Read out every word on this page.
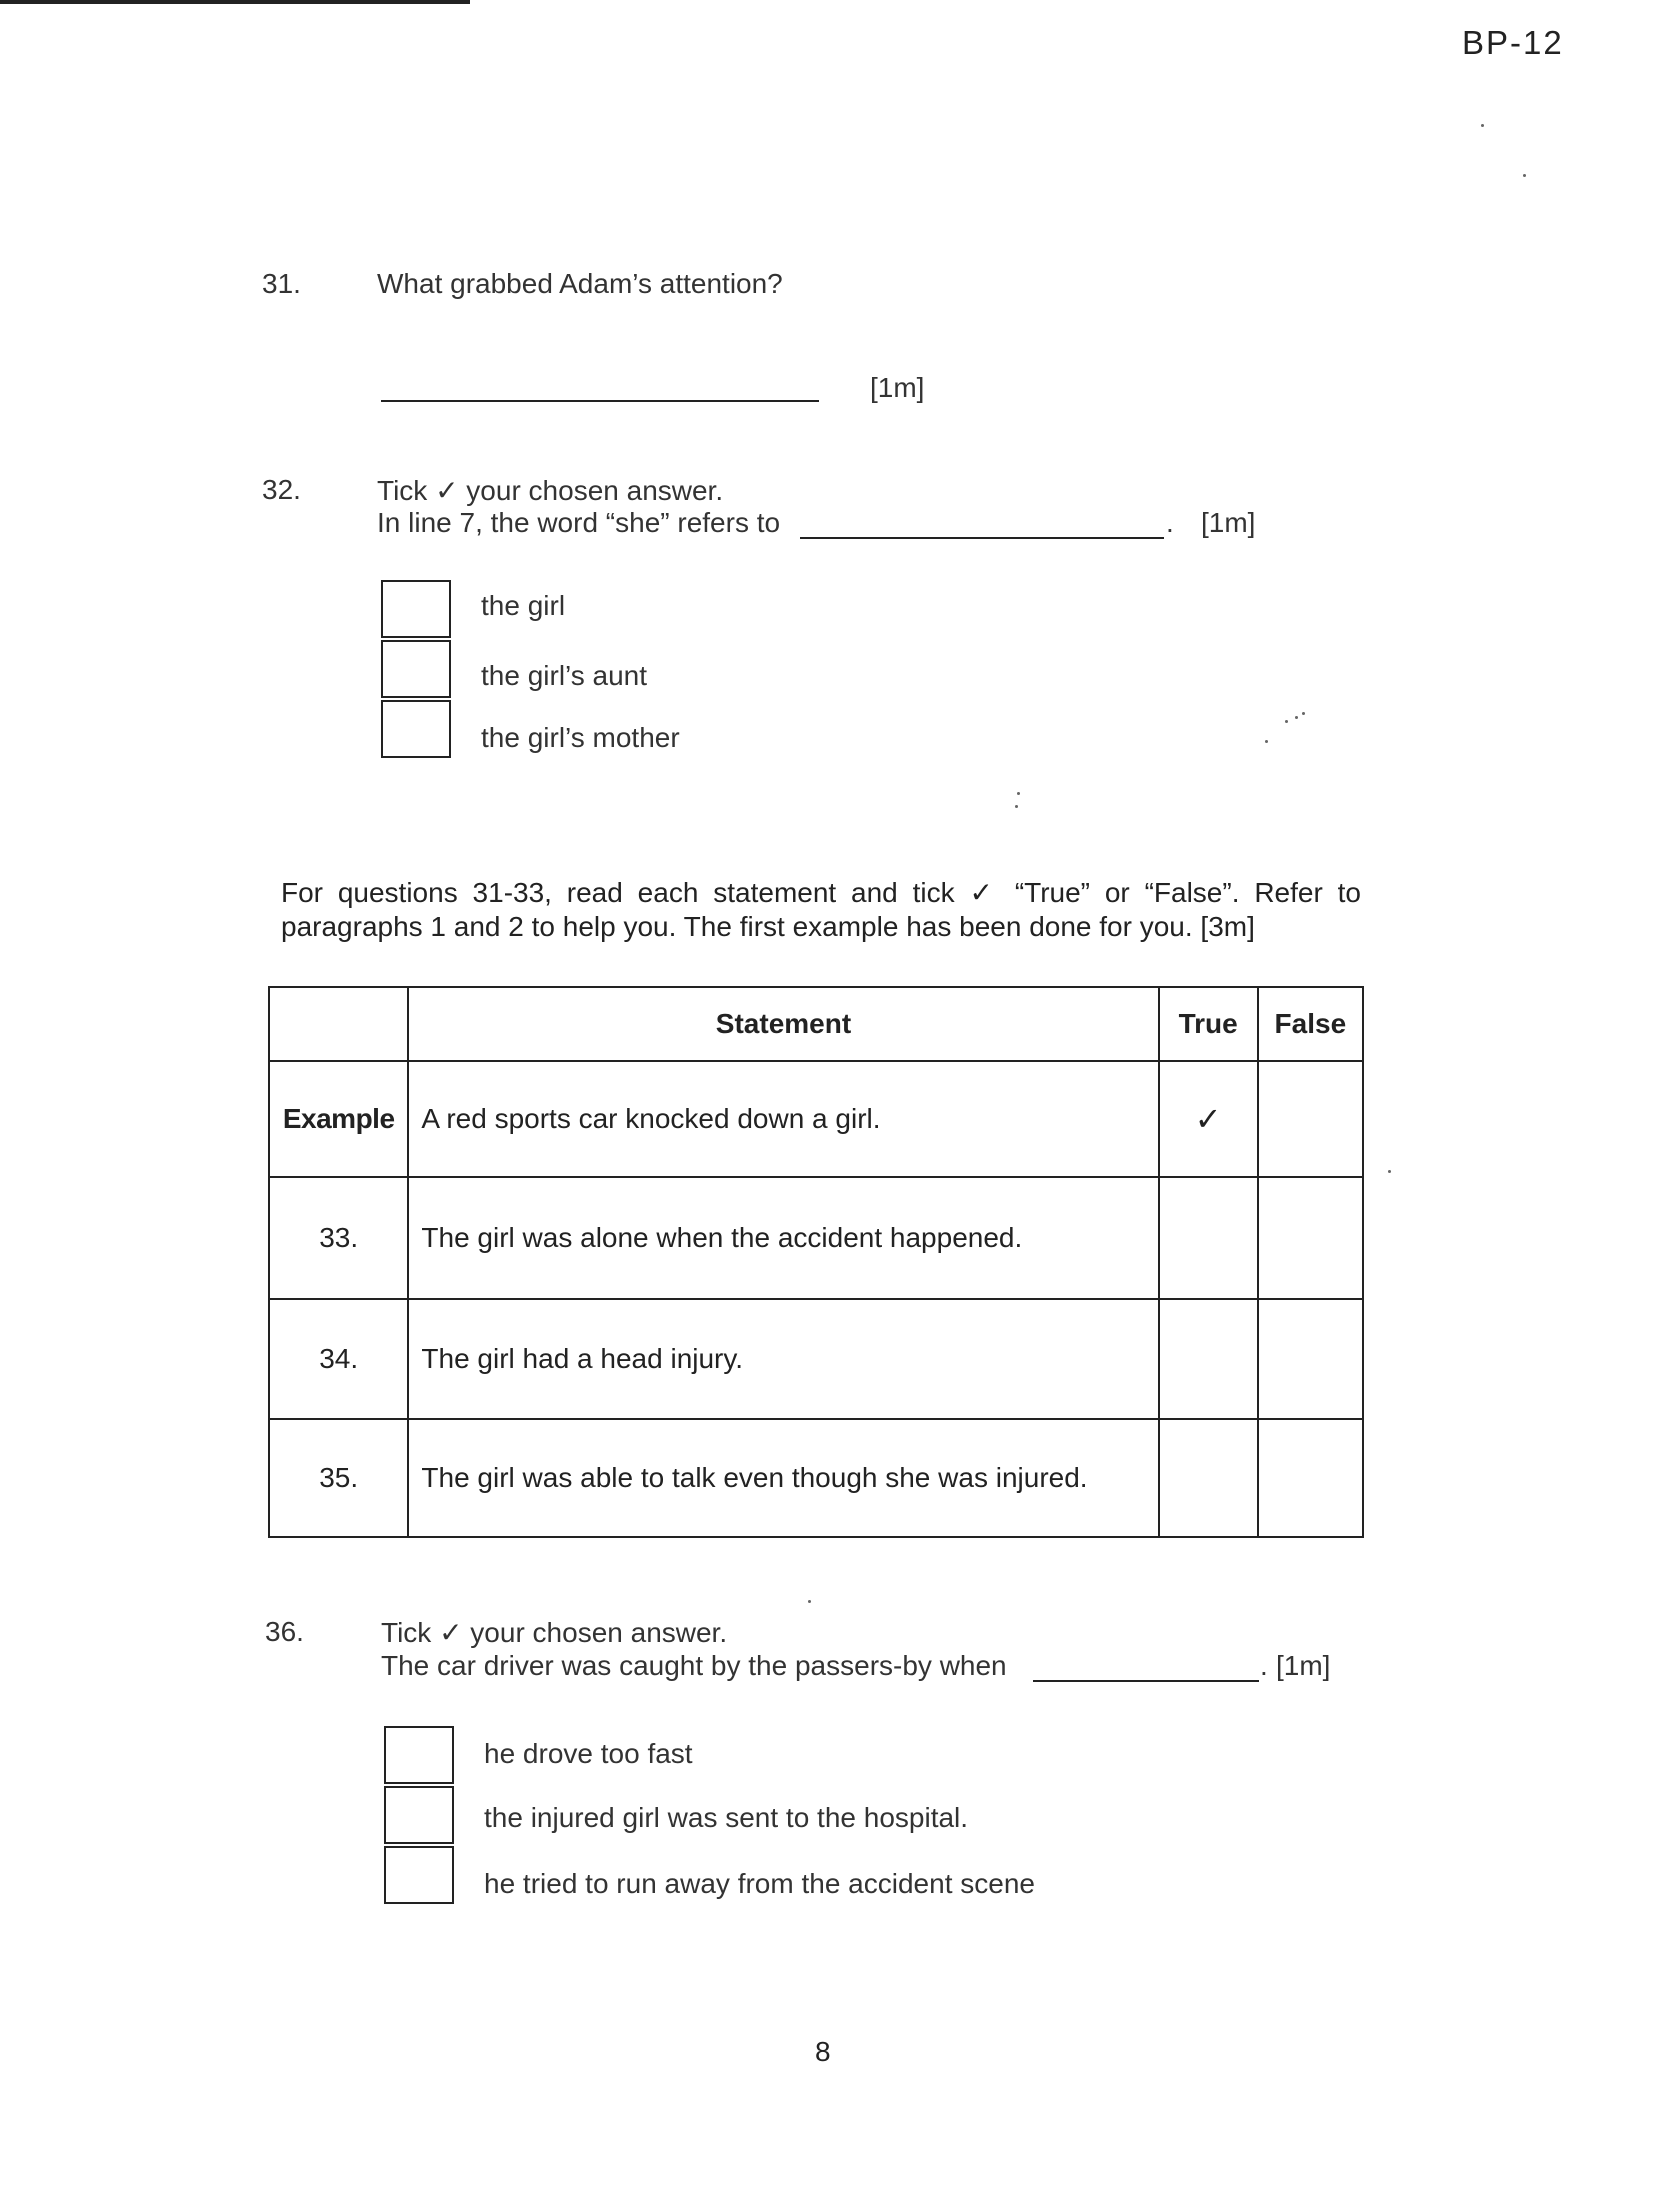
BP-12
31.	What grabbed Adam’s attention?
[1m]
32.	Tick ✓ your chosen answer.
In line 7, the word “she” refers to	. [1m]
the girl
the girl’s aunt
the girl’s mother
For questions 31-33, read each statement and tick ✓ “True” or “False”. Refer to
paragraphs 1 and 2 to help you. The first example has been done for you. [3m]
	Statement	True	False
Example	A red sports car knocked down a girl.	✓	
33.	The girl was alone when the accident happened.		
34.	The girl had a head injury.		
35.	The girl was able to talk even though she was injured.		
36.	Tick ✓ your chosen answer.
The car driver was caught by the passers-by when	. [1m]
he drove too fast
the injured girl was sent to the hospital.
he tried to run away from the accident scene
8
